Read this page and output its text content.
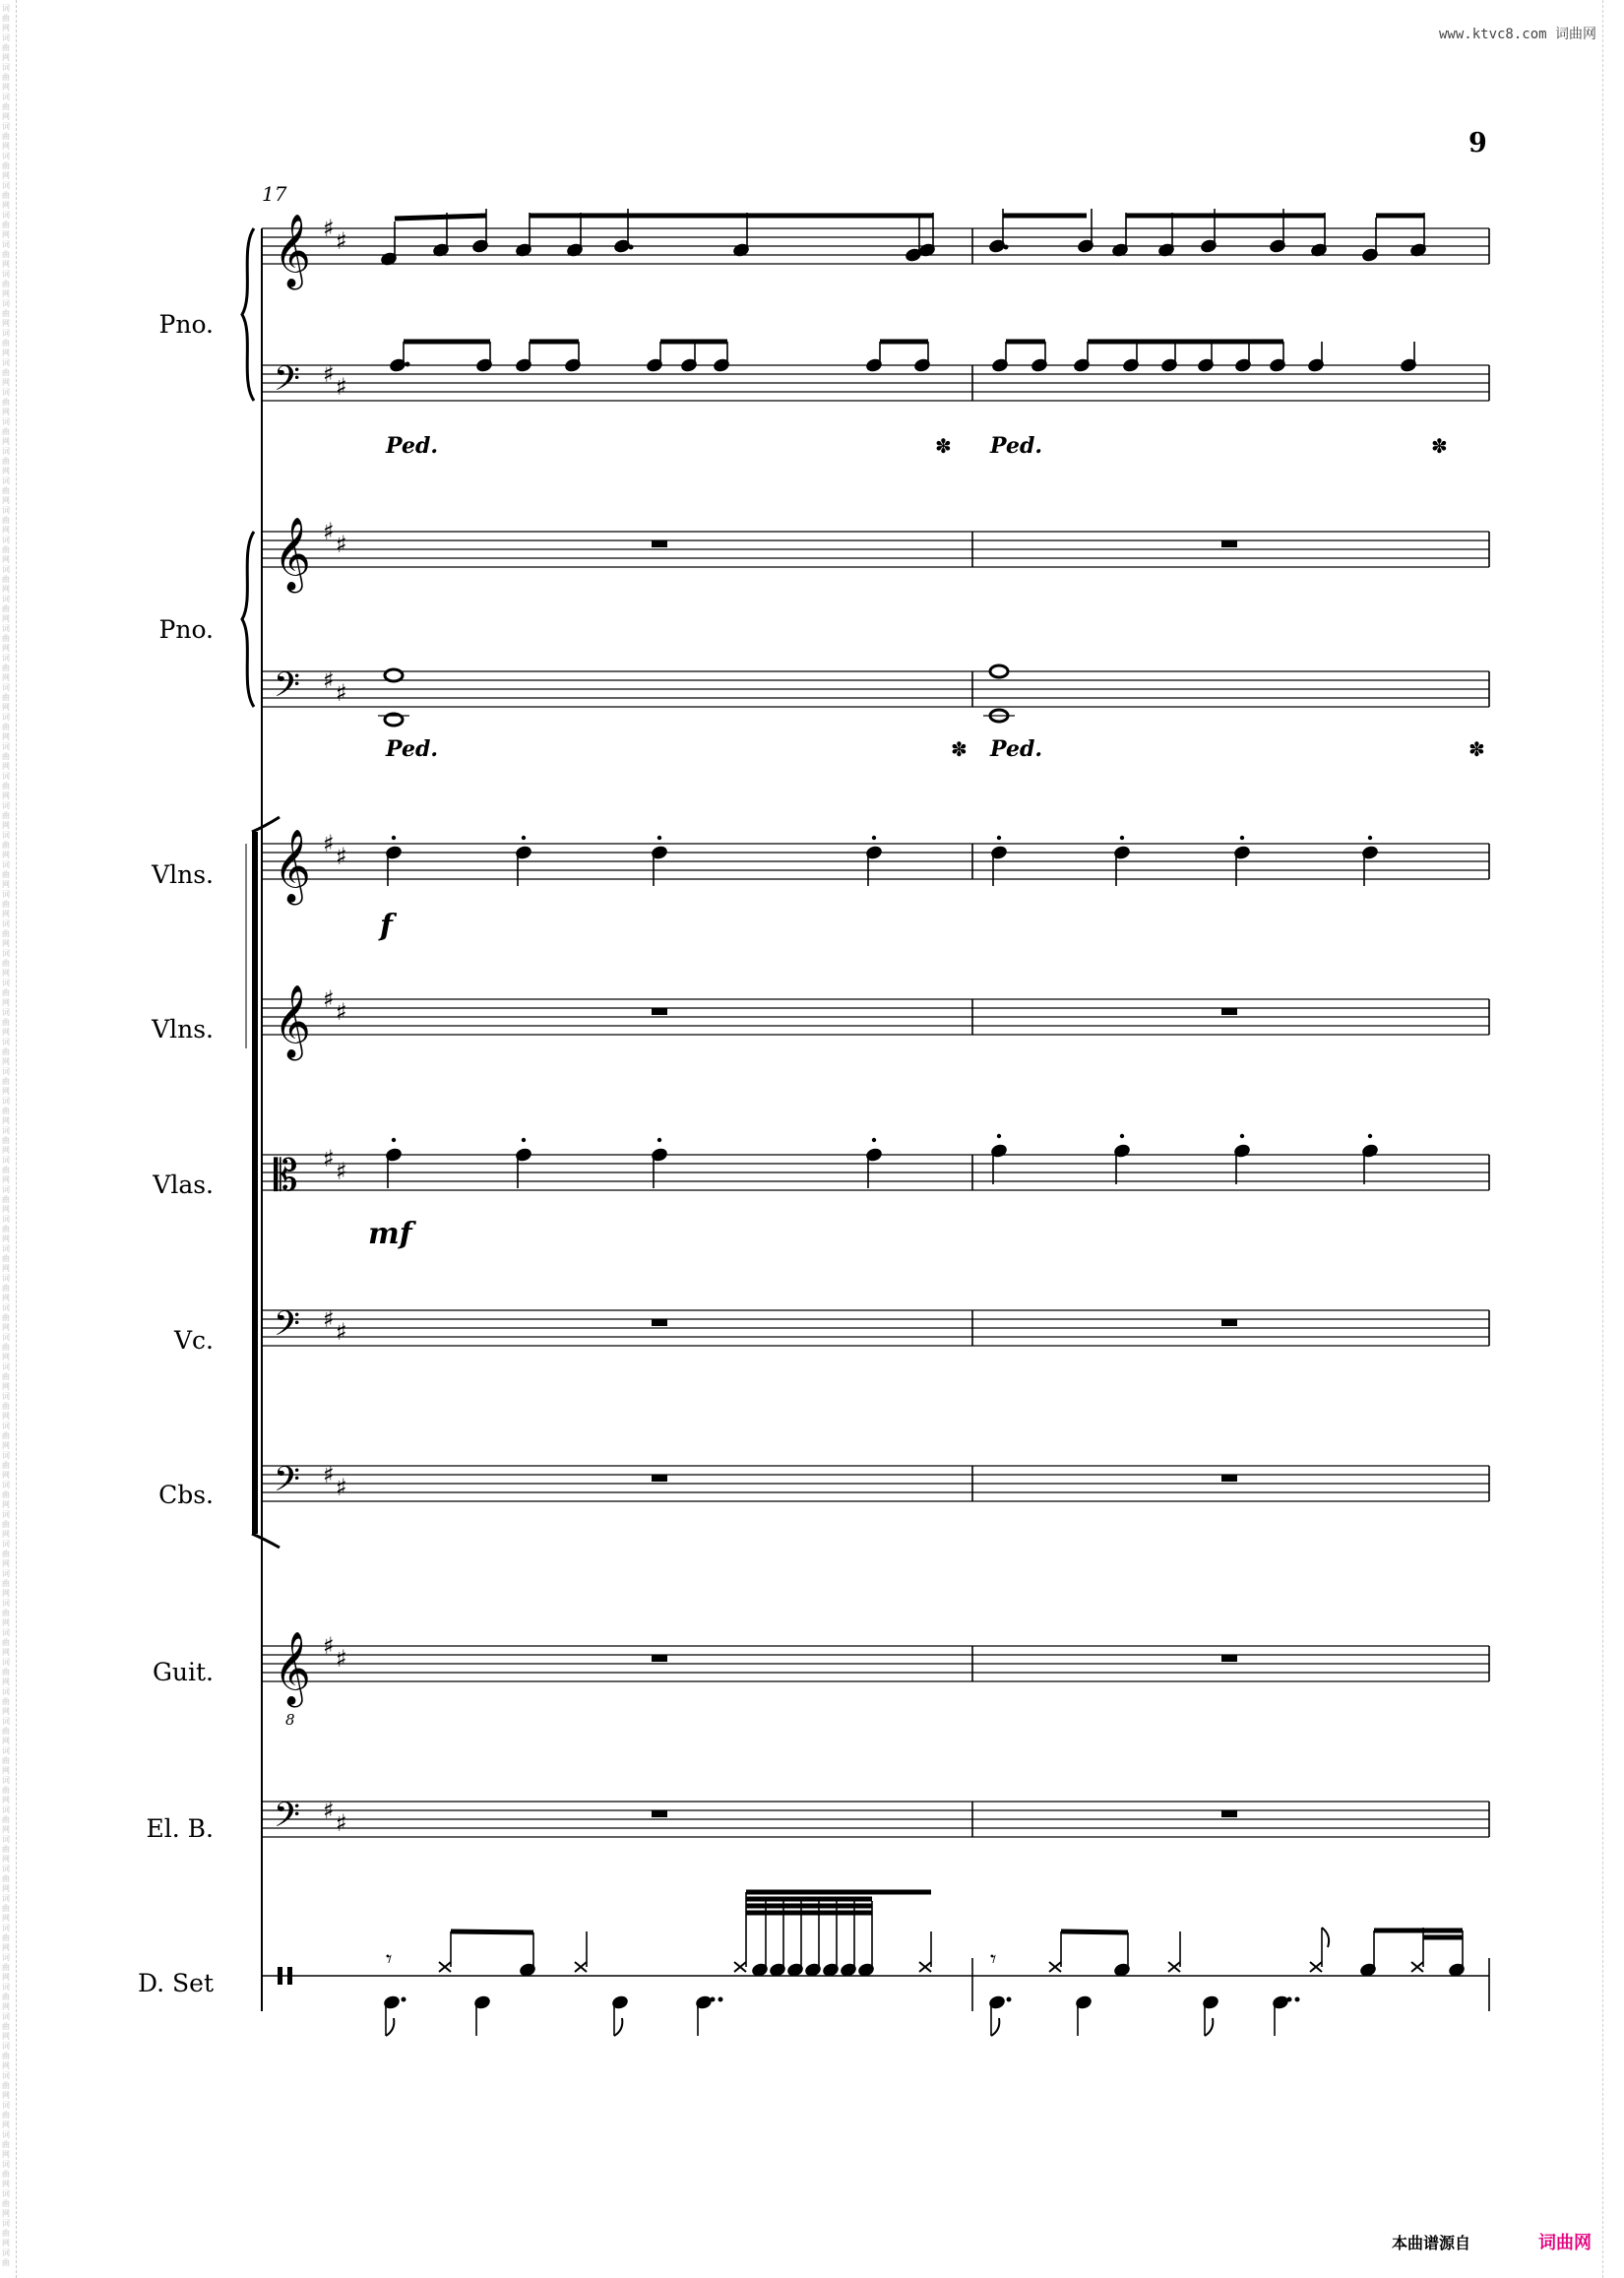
词
曲
网
词
曲
网
词
曲
网
词
曲
网
词
曲
网
词
曲
网
词
曲
网
词
曲
网
词
曲
网
词
曲
网
词
曲
网
词
曲
网
词
曲
网
词
曲
网
词
曲
网
词
曲
网
词
曲
网
词
曲
网
词
曲
网
词
曲
网
词
曲
网
词
曲
网
词
曲
网
词
曲
网
词
曲
网
词
曲
网
词
曲
网
词
曲
网
词
曲
网
词
曲
网
词
曲
网
词
曲
网
词
曲
网
词
曲
网
词
曲
网
词
曲
网
词
曲
网
词
曲
网
词
曲
网
词
曲
网
词
曲
网
词
曲
网
词
曲
网
词
曲
网
词
曲
网
词
曲
网
词
曲
网
词
曲
网
词
曲
网
词
曲
网
词
曲
网
词
曲
网
词
曲
网
词
曲
网
词
曲
网
词
曲
网
词
曲
网
词
曲
网
词
曲
网
词
曲
网
词
曲
网
词
曲
网
词
曲
网
词
曲
网
词
曲
网
词
曲
网
词
曲
网
词
曲
网
词
曲
网
词
曲
网
词
曲
网
词
曲
网
词
曲
网
词
曲
网
词
曲
网
词
曲
网
词
曲
www.ktvc8.com 词曲网
9
𝄞 ♯ ♯
Pno.
𝄢 ♯ ♯
𝄞 ♯ ♯
Pno.
𝄢 ♯ ♯
𝄞 ♯ ♯
Vlns.
𝄞 ♯ ♯
Vlns.
𝄡 ♯ ♯
Vlas.
𝄢 ♯ ♯
Vc.
𝄢 ♯ ♯
Cbs.
𝄞
8
♯ ♯
Guit.
𝄢 ♯ ♯
El. B.
D. Set
17
Ped.	✽ Ped.	✽
Ped.	✽ Ped.	✽
f
mf
𝄾	𝄾
本曲谱源自	词曲网
